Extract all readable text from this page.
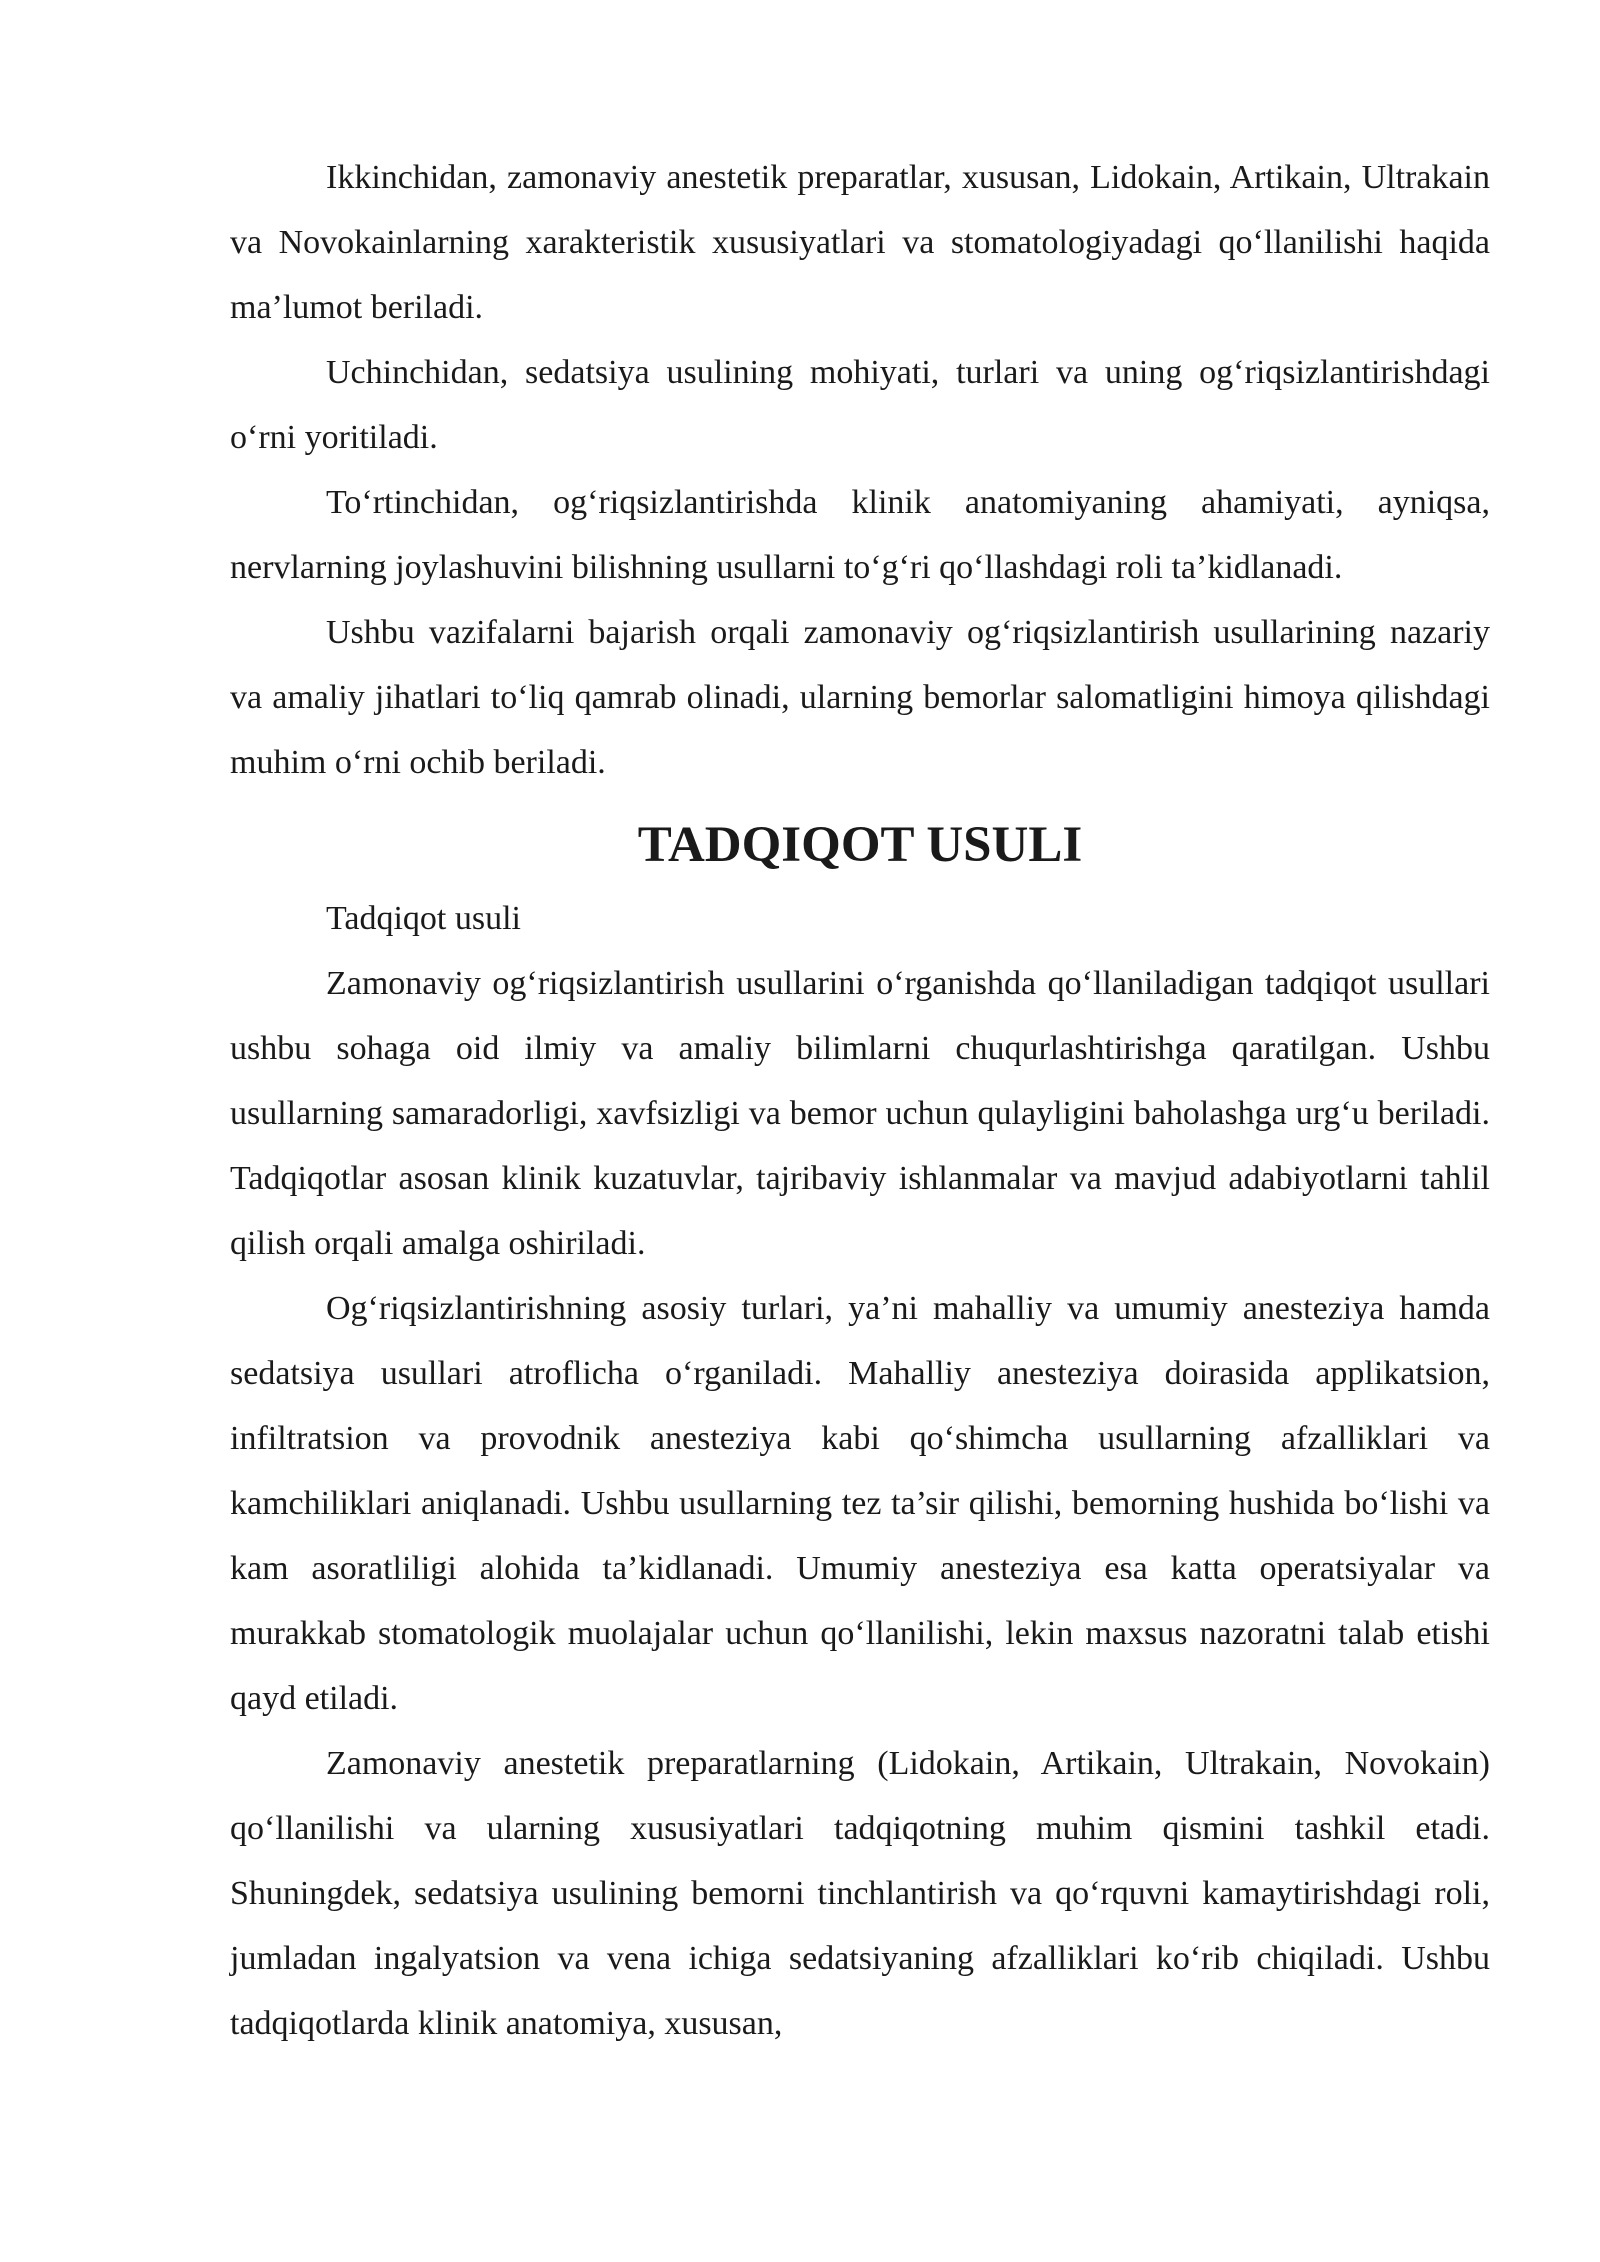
Ikkinchidan, zamonaviy anestetik preparatlar, xususan, Lidokain, Artikain, Ultrakain va Novokainlarning xarakteristik xususiyatlari va stomatologiyadagi qo‘llanilishi haqida ma’lumot beriladi.

Uchinchidan, sedatsiya usulining mohiyati, turlari va uning og‘riqsizlantirishdagi o‘rni yoritiladi.

To‘rtinchidan, og‘riqsizlantirishda klinik anatomiyaning ahamiyati, ayniqsa, nervlarning joylashuvini bilishning usullarni to‘g‘ri qo‘llashdagi roli ta’kidlanadi.

Ushbu vazifalarni bajarish orqali zamonaviy og‘riqsizlantirish usullarining nazariy va amaliy jihatlari to‘liq qamrab olinadi, ularning bemorlar salomatligini himoya qilishdagi muhim o‘rni ochib beriladi.

TADQIQOT USULI

Tadqiqot usuli

Zamonaviy og‘riqsizlantirish usullarini o‘rganishda qo‘llaniladigan tadqiqot usullari ushbu sohaga oid ilmiy va amaliy bilimlarni chuqurlashtirishga qaratilgan. Ushbu usullarning samaradorligi, xavfsizligi va bemor uchun qulayligini baholashga urg‘u beriladi. Tadqiqotlar asosan klinik kuzatuvlar, tajribaviy ishlanmalar va mavjud adabiyotlarni tahlil qilish orqali amalga oshiriladi.

Og‘riqsizlantirishning asosiy turlari, ya’ni mahalliy va umumiy anesteziya hamda sedatsiya usullari atroflicha o‘rganiladi. Mahalliy anesteziya doirasida applikatsion, infiltratsion va provodnik anesteziya kabi qo‘shimcha usullarning afzalliklari va kamchiliklari aniqlanadi. Ushbu usullarning tez ta’sir qilishi, bemorning hushida bo‘lishi va kam asoratliligi alohida ta’kidlanadi. Umumiy anesteziya esa katta operatsiyalar va murakkab stomatologik muolajalar uchun qo‘llanilishi, lekin maxsus nazoratni talab etishi qayd etiladi.

Zamonaviy anestetik preparatlarning (Lidokain, Artikain, Ultrakain, Novokain) qo‘llanilishi va ularning xususiyatlari tadqiqotning muhim qismini tashkil etadi. Shuningdek, sedatsiya usulining bemorni tinchlantirish va qo‘rquvni kamaytirishdagi roli, jumladan ingalyatsion va vena ichiga sedatsiyaning afzalliklari ko‘rib chiqiladi. Ushbu tadqiqotlarda klinik anatomiya, xususan,
